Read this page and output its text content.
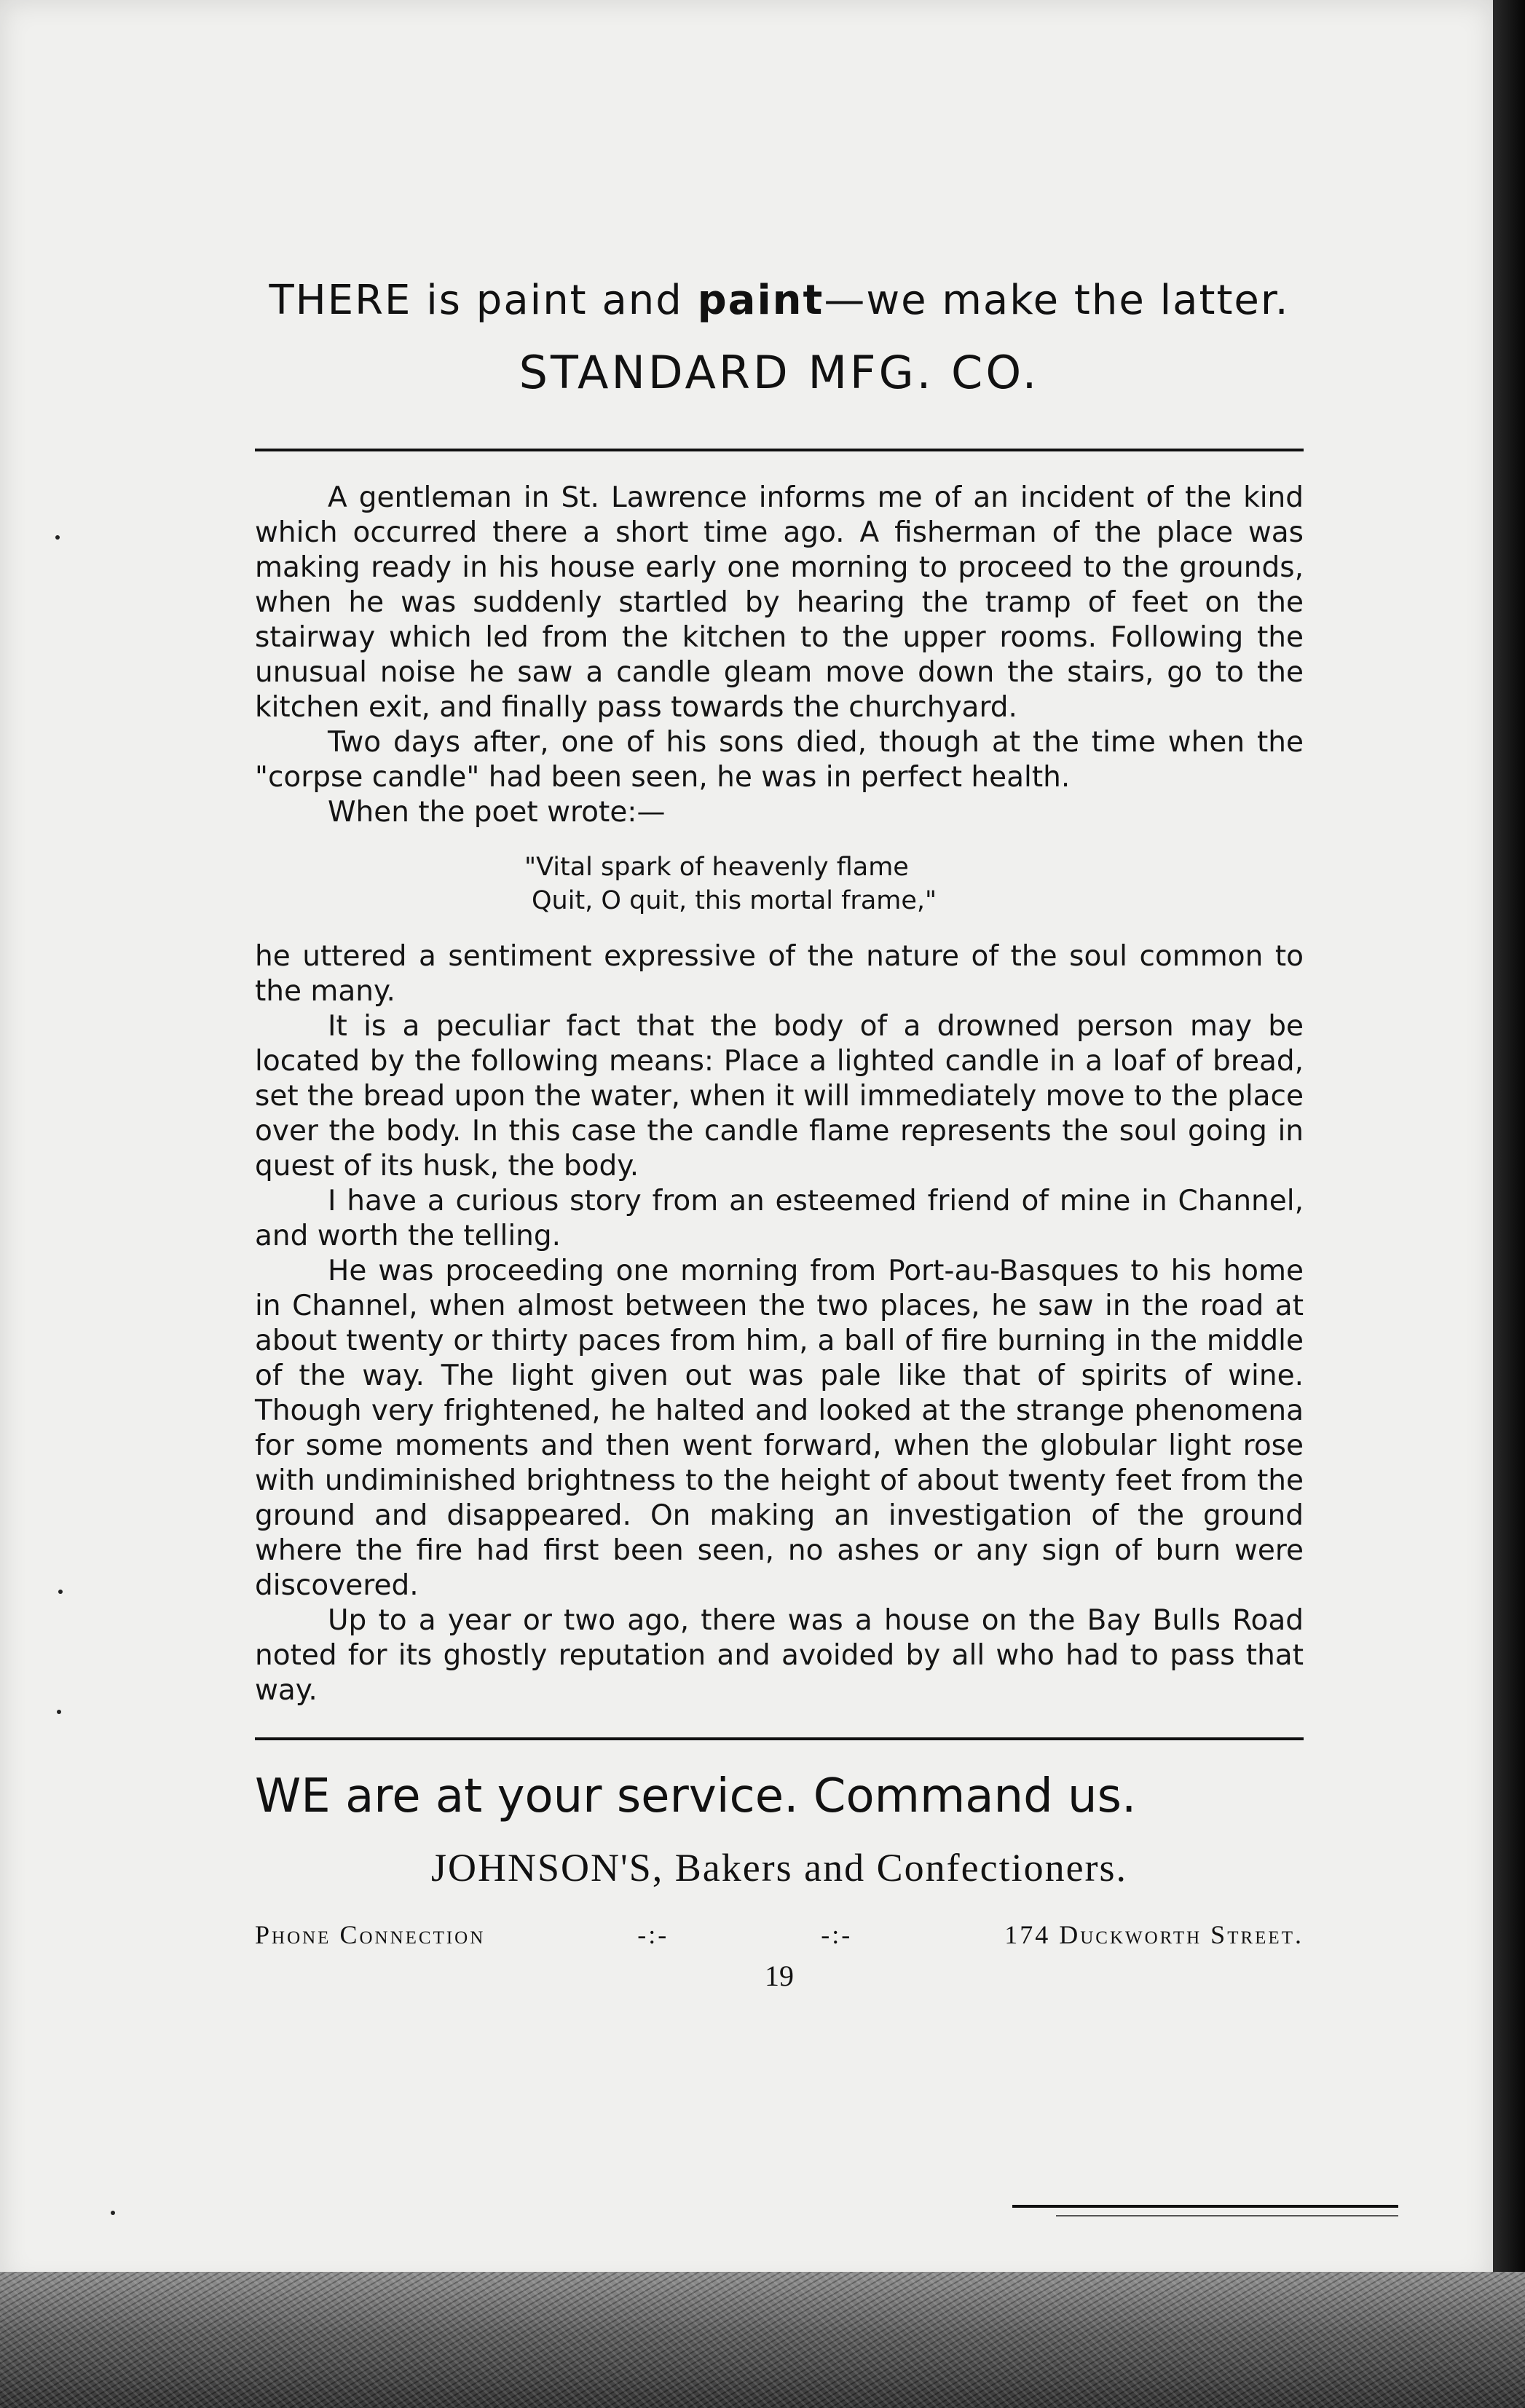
THERE is paint and paint—we make the latter.

STANDARD MFG. CO.

A gentleman in St. Lawrence informs me of an incident of the kind which occurred there a short time ago. A fisherman of the place was making ready in his house early one morning to proceed to the grounds, when he was suddenly startled by hearing the tramp of feet on the stairway which led from the kitchen to the upper rooms. Following the unusual noise he saw a candle gleam move down the stairs, go to the kitchen exit, and finally pass towards the churchyard.

Two days after, one of his sons died, though at the time when the "corpse candle" had been seen, he was in perfect health.

When the poet wrote:—

"Vital spark of heavenly flame
Quit, O quit, this mortal frame,"

he uttered a sentiment expressive of the nature of the soul common to the many.

It is a peculiar fact that the body of a drowned person may be located by the following means: Place a lighted candle in a loaf of bread, set the bread upon the water, when it will immediately move to the place over the body. In this case the candle flame represents the soul going in quest of its husk, the body.

I have a curious story from an esteemed friend of mine in Channel, and worth the telling.

He was proceeding one morning from Port-au-Basques to his home in Channel, when almost between the two places, he saw in the road at about twenty or thirty paces from him, a ball of fire burning in the middle of the way. The light given out was pale like that of spirits of wine. Though very frightened, he halted and looked at the strange phenomena for some moments and then went forward, when the globular light rose with undiminished brightness to the height of about twenty feet from the ground and disappeared. On making an investigation of the ground where the fire had first been seen, no ashes or any sign of burn were discovered.

Up to a year or two ago, there was a house on the Bay Bulls Road noted for its ghostly reputation and avoided by all who had to pass that way.

WE are at your service. Command us.

JOHNSON'S, Bakers and Confectioners.

Phone Connection	-:-	-:-	174 Duckworth Street.
19
